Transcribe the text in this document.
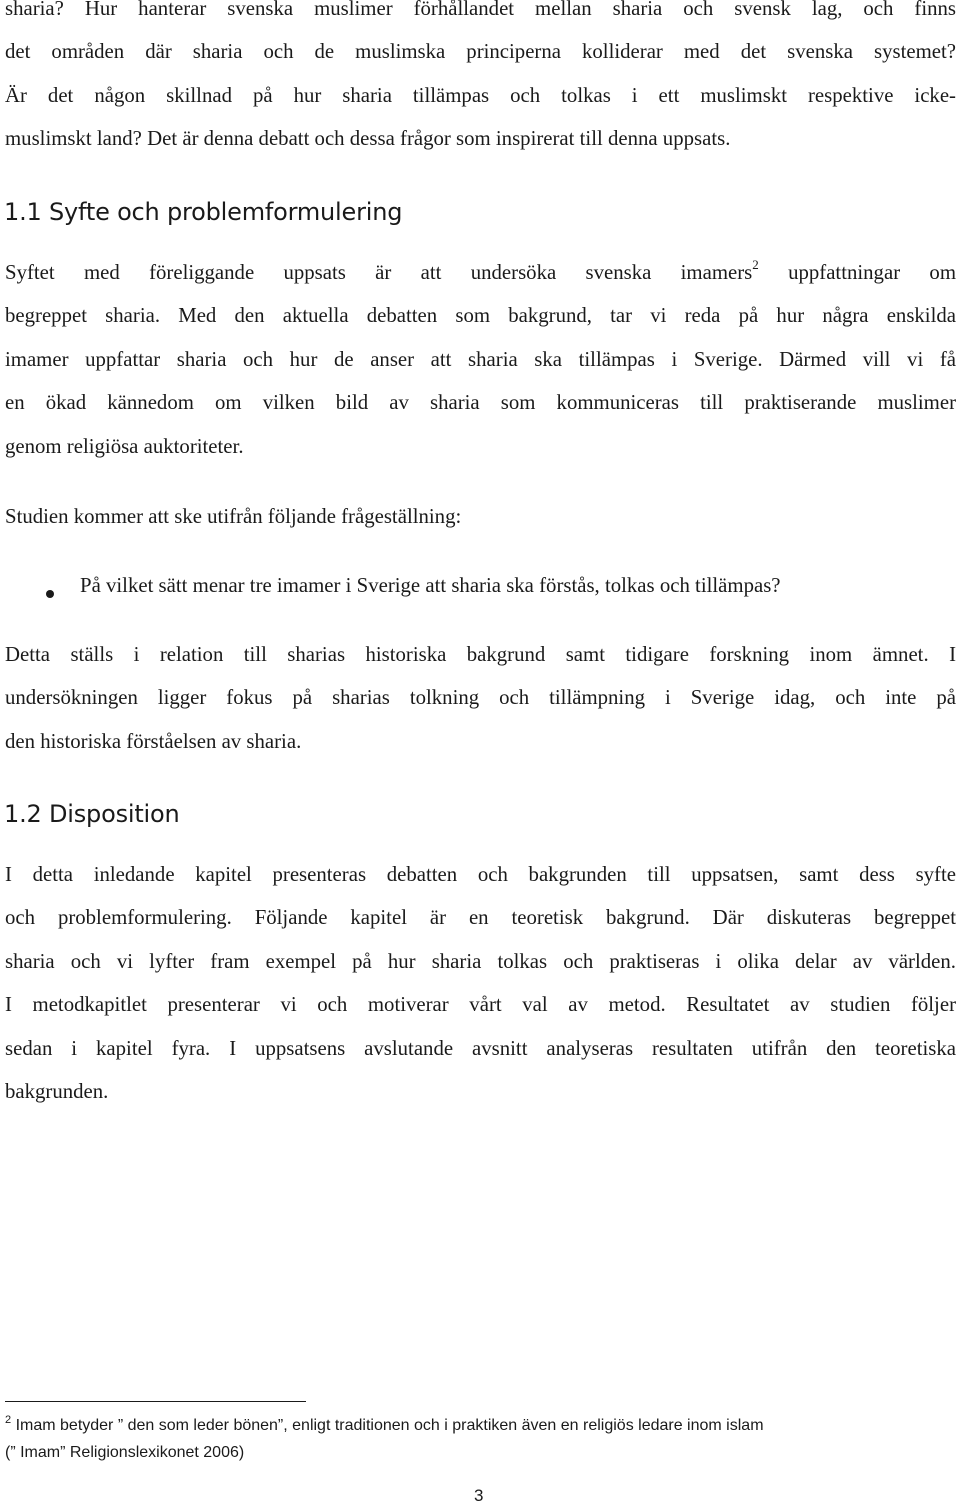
sharia? Hur hanterar svenska muslimer förhållandet mellan sharia och svensk lag, och finns
det områden där sharia och de muslimska principerna kolliderar med det svenska systemet?
Är det någon skillnad på hur sharia tillämpas och tolkas i ett muslimskt respektive icke-
muslimskt land? Det är denna debatt och dessa frågor som inspirerat till denna uppsats.
1.1 Syfte och problemformulering
Syftet med föreliggande uppsats är att undersöka svenska imamers$^2$ uppfattningar om
begreppet sharia. Med den aktuella debatten som bakgrund, tar vi reda på hur några enskilda
imamer uppfattar sharia och hur de anser att sharia ska tillämpas i Sverige. Därmed vill vi få
en ökad kännedom om vilken bild av sharia som kommuniceras till praktiserande muslimer
genom religiösa auktoriteter.
Studien kommer att ske utifrån följande frågeställning:
På vilket sätt menar tre imamer i Sverige att sharia ska förstås, tolkas och tillämpas?
Detta ställs i relation till sharias historiska bakgrund samt tidigare forskning inom ämnet. I
undersökningen ligger fokus på sharias tolkning och tillämpning i Sverige idag, och inte på
den historiska förståelsen av sharia.
1.2 Disposition
I detta inledande kapitel presenteras debatten och bakgrunden till uppsatsen, samt dess syfte
och problemformulering. Följande kapitel är en teoretisk bakgrund. Där diskuteras begreppet
sharia och vi lyfter fram exempel på hur sharia tolkas och praktiseras i olika delar av världen.
I metodkapitlet presenterar vi och motiverar vårt val av metod. Resultatet av studien följer
sedan i kapitel fyra. I uppsatsens avslutande avsnitt analyseras resultaten utifrån den teoretiska
bakgrunden.
$^2$ Imam betyder ” den som leder bönen”, enligt traditionen och i praktiken även en religiös ledare inom islam
(” Imam” Religionslexikonet 2006)
3
